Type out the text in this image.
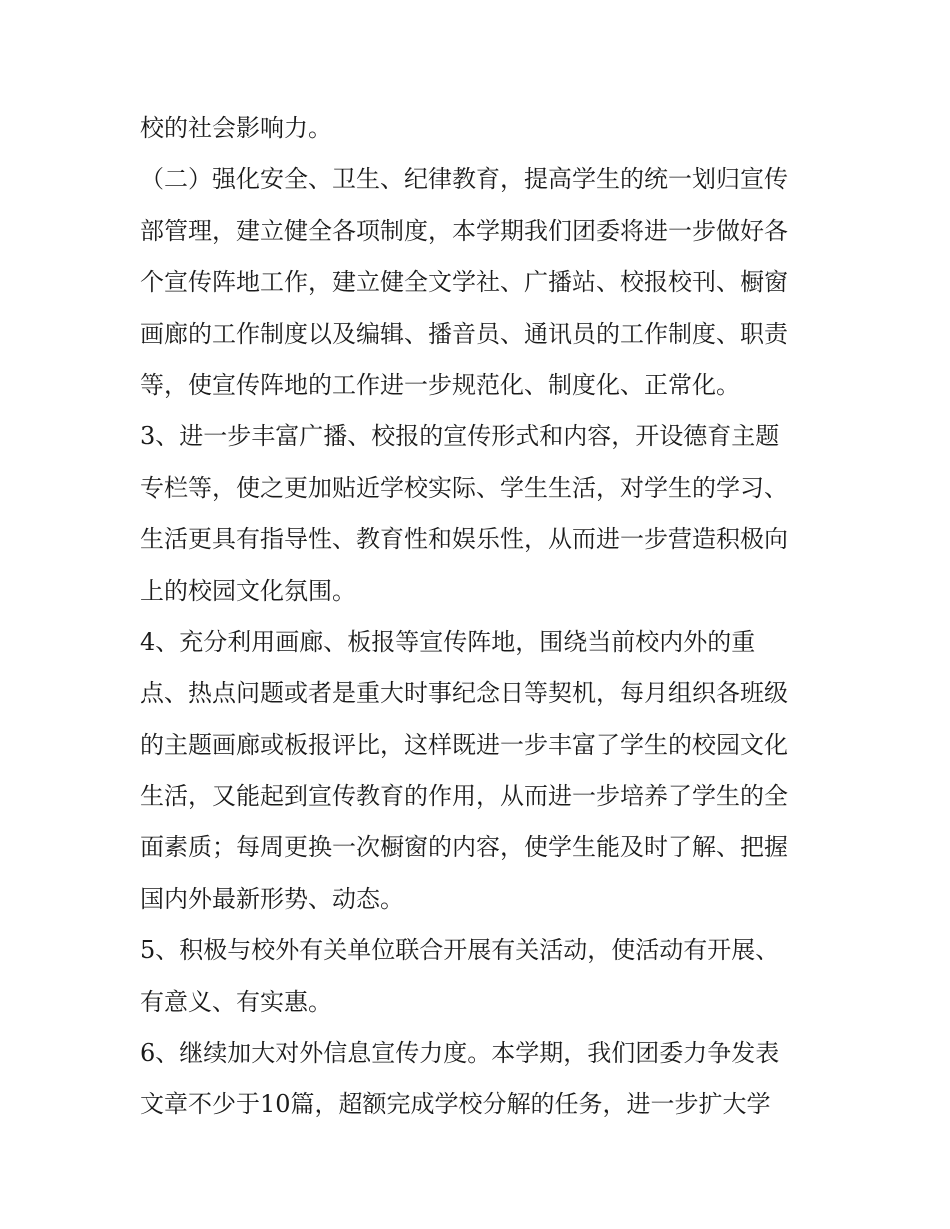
校的社会影响力。
（二）强化安全、卫生、纪律教育，提高学生的统一划归宣传
部管理，建立健全各项制度，本学期我们团委将进一步做好各
个宣传阵地工作，建立健全文学社、广播站、校报校刊、橱窗
画廊的工作制度以及编辑、播音员、通讯员的工作制度、职责
等，使宣传阵地的工作进一步规范化、制度化、正常化。
3、进一步丰富广播、校报的宣传形式和内容，开设德育主题
专栏等，使之更加贴近学校实际、学生生活，对学生的学习、
生活更具有指导性、教育性和娱乐性，从而进一步营造积极向
上的校园文化氛围。
4、充分利用画廊、板报等宣传阵地，围绕当前校内外的重
点、热点问题或者是重大时事纪念日等契机，每月组织各班级
的主题画廊或板报评比，这样既进一步丰富了学生的校园文化
生活，又能起到宣传教育的作用，从而进一步培养了学生的全
面素质；每周更换一次橱窗的内容，使学生能及时了解、把握
国内外最新形势、动态。
5、积极与校外有关单位联合开展有关活动，使活动有开展、
有意义、有实惠。
6、继续加大对外信息宣传力度。本学期，我们团委力争发表
文章不少于10篇，超额完成学校分解的任务，进一步扩大学
